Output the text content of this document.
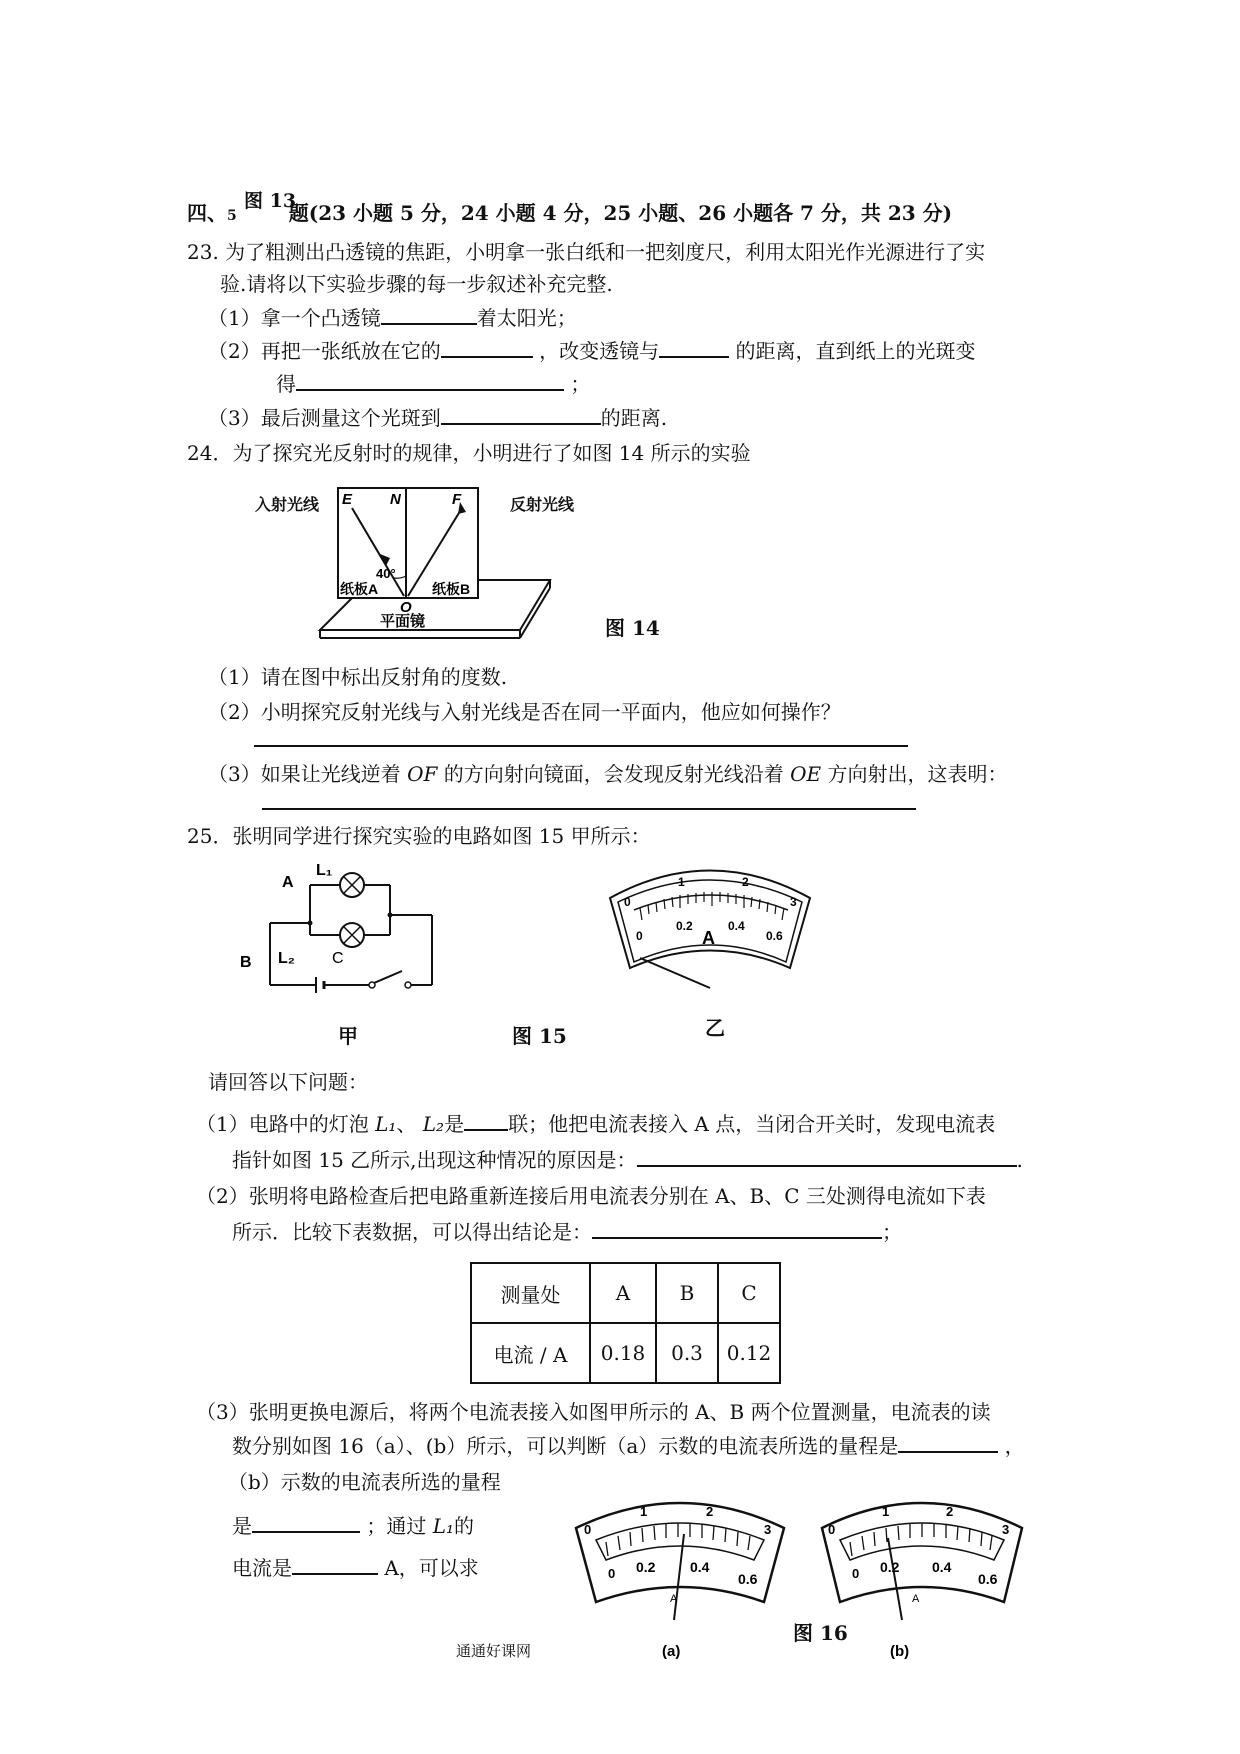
四、5	题(23 小题 5 分，24 小题 4 分，25 小题、26 小题各 7 分，共 23 分)
图 13
23. 为了粗测出凸透镜的焦距，小明拿一张白纸和一把刻度尺，利用太阳光作光源进行了实
验.请将以下实验步骤的每一步叙述补充完整.
（1）拿一个凸透镜	着太阳光；
（2）再把一张纸放在它的	，改变透镜与	的距离，直到纸上的光斑变
得	；
（3）最后测量这个光斑到	的距离.
24．为了探究光反射时的规律，小明进行了如图 14 所示的实验
E	N	F
40°
纸板A	纸板B
O
平面镜
入射光线	反射光线
图 14
（1）请在图中标出反射角的度数.
（2）小明探究反射光线与入射光线是否在同一平面内，他应如何操作？
（3）如果让光线逆着 OF 的方向射向镜面，会发现反射光线沿着 OE 方向射出，这表明：
25．张明同学进行探究实验的电路如图 15 甲所示：
A
L₁
L₂ C
B
甲	图 15
0
1	2
3
0
0.2	0.4
0.6
A
乙
请回答以下问题：
（1）电路中的灯泡 L₁、 L₂是 联；他把电流表接入 A 点，当闭合开关时，发现电流表
指针如图 15 乙所示,出现这种情况的原因是：	.
（2）张明将电路检查后把电路重新连接后用电流表分别在 A、B、C 三处测得电流如下表
所示．比较下表数据，可以得出结论是：	；
测量处	A	B	C
电流 / A	0.18	0.3	0.12
（3）张明更换电源后，将两个电流表接入如图甲所示的 A、B 两个位置测量，电流表的读
数分别如图 16（a）、(b）所示，可以判断（a）示数的电流表所选的量程是	，
（b）示数的电流表所选的量程
是	；通过 L₁的
电流是	A，可以求
0
1	2
3
0 0.2 0.4
0.6
A
(a)
0
1	2
3
0 0.2 0.4
0.6
A
(b)
图 16
通通好课网
